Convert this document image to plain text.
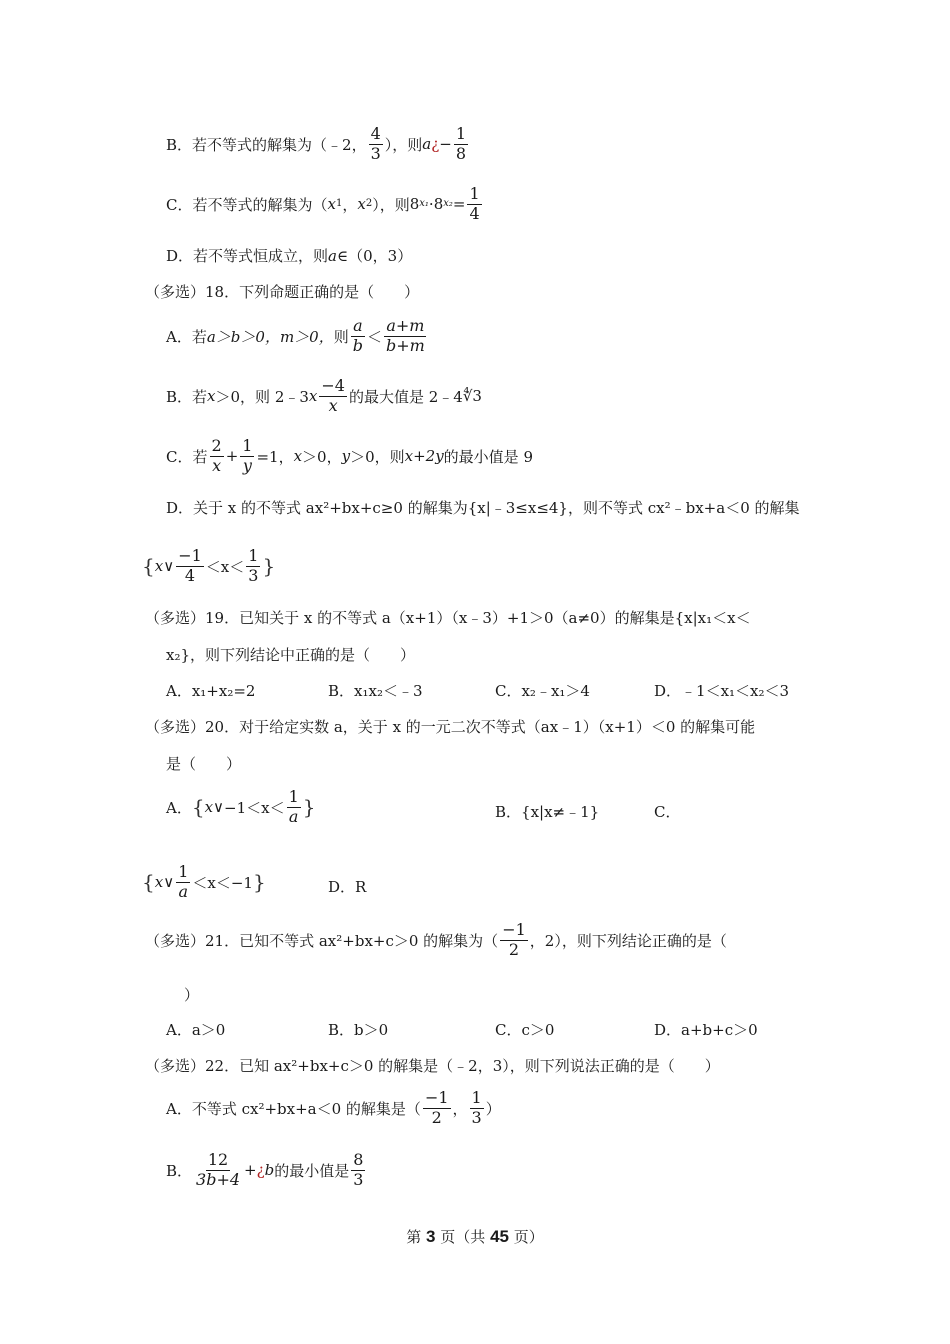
B． 若不等式的解集为（﹣2， $\frac{4}{3}$ ），则 a ¿ − $\frac{1}{8}$
C． 若不等式的解集为（ x 1 ， x 2 ），则 8 x₁ · 8 $x_2 = \frac{1}{4}$
D． 若不等式恒成立，则 a ∈（0，3）
（多选）18．下列命题正确的是（　　）
A． 若 a＞b＞0，m＞0， 则 $\frac{a}{b} < \frac{a+m}{b+m}$
B． 若 x ＞0，则 2﹣3 x $\frac{-4}{x}$ 的最大值是 2﹣4 ∜3
C． 若 $\frac{2}{x} + \frac{1}{y} =1$， x ＞0， y ＞0，则 x+2y 的最小值是 9
D． 关于 x 的不等式 ax²+bx+c≥0 的解集为{x|﹣3≤x≤4}，则不等式 cx²﹣bx+a＜0 的解集
{ x ∨ $\frac{-1}{4} <x< \frac{1}{3}$ }
（多选）19．已知关于 x 的不等式 a（x+1）（x﹣3）+1＞0（a≠0）的解集是{x|x₁＜x＜
x₂}，则下列结论中正确的是（　　）
A．x₁+x₂=2	B．x₁x₂＜﹣3	C．x₂﹣x₁＞4	D．﹣1＜x₁＜x₂＜3
（多选）20．对于给定实数 a，关于 x 的一元二次不等式（ax﹣1）（x+1）＜0 的解集可能
是（　　）
A． { x ∨ $-1<x< \frac{1}{a}$ }	B．{x|x≠﹣1}	C．
{ x ∨ $\frac{1}{a} <x<-1$ }	D．R
（多选）21．已知不等式 ax²+bx+c＞0 的解集为（ $\frac{-1}{2}$ ，2），则下列结论正确的是（
）
A．a＞0	B．b＞0	C．c＞0	D．a+b+c＞0
（多选）22．已知 ax²+bx+c＞0 的解集是（﹣2，3），则下列说法正确的是（　　）
A．不等式 cx²+bx+a＜0 的解集是（ $\frac{-1}{2}$ ， $\frac{1}{3}$ ）
B． $\frac{12}{3b+4}$ + ¿ b 的最小值是 $\frac{8}{3}$
第 3 页（共 45 页）
